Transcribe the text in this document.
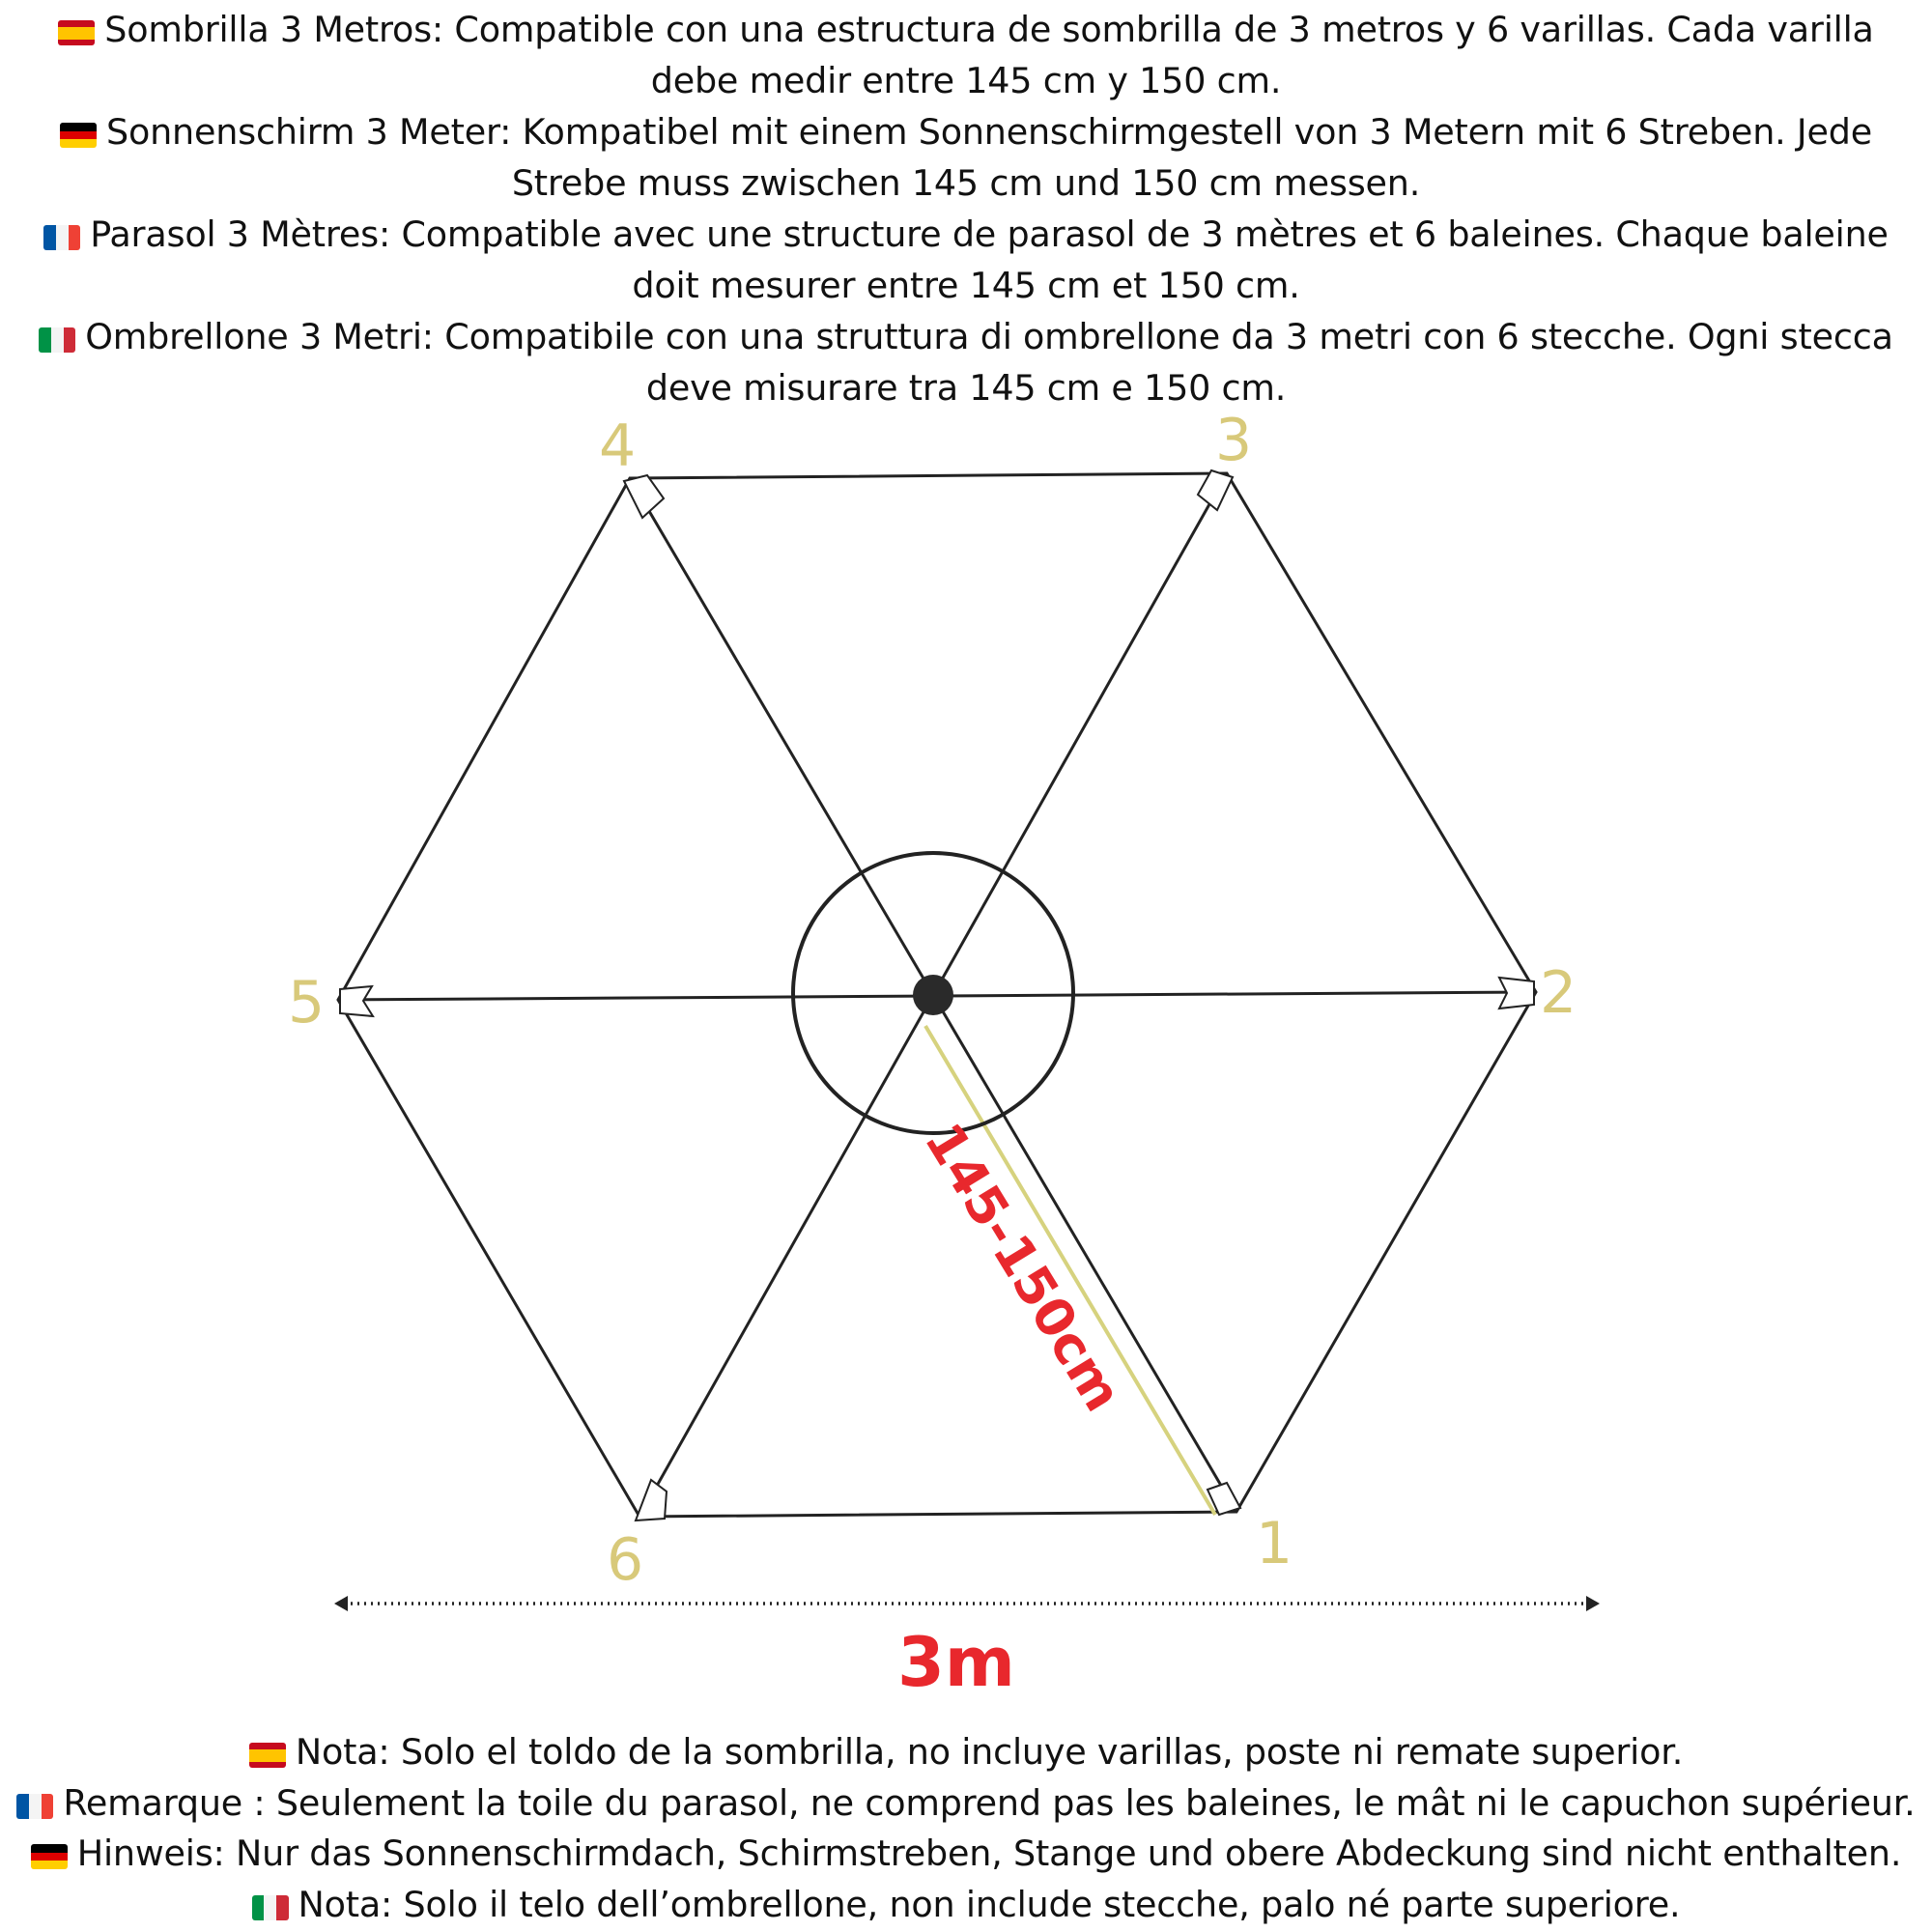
Sombrilla 3 Metros: Compatible con una estructura de sombrilla de 3 metros y 6 varillas. Cada varilla debe medir entre 145 cm y 150 cm.
Sonnenschirm 3 Meter: Kompatibel mit einem Sonnenschirmgestell von 3 Metern mit 6 Streben. Jede Strebe muss zwischen 145 cm und 150 cm messen.
Parasol 3 Mètres: Compatible avec une structure de parasol de 3 mètres et 6 baleines. Chaque baleine doit mesurer entre 145 cm et 150 cm.
Ombrellone 3 Metri: Compatibile con una struttura di ombrellone da 3 metri con 6 stecche. Ogni stecca deve misurare tra 145 cm e 150 cm.
1
2
3
4
5
6
145-150cm
3m
Nota: Solo el toldo de la sombrilla, no incluye varillas, poste ni remate superior.
Remarque : Seulement la toile du parasol, ne comprend pas les baleines, le mât ni le capuchon supérieur.
Hinweis: Nur das Sonnenschirmdach, Schirmstreben, Stange und obere Abdeckung sind nicht enthalten.
Nota: Solo il telo dell’ombrellone, non include stecche, palo né parte superiore.
